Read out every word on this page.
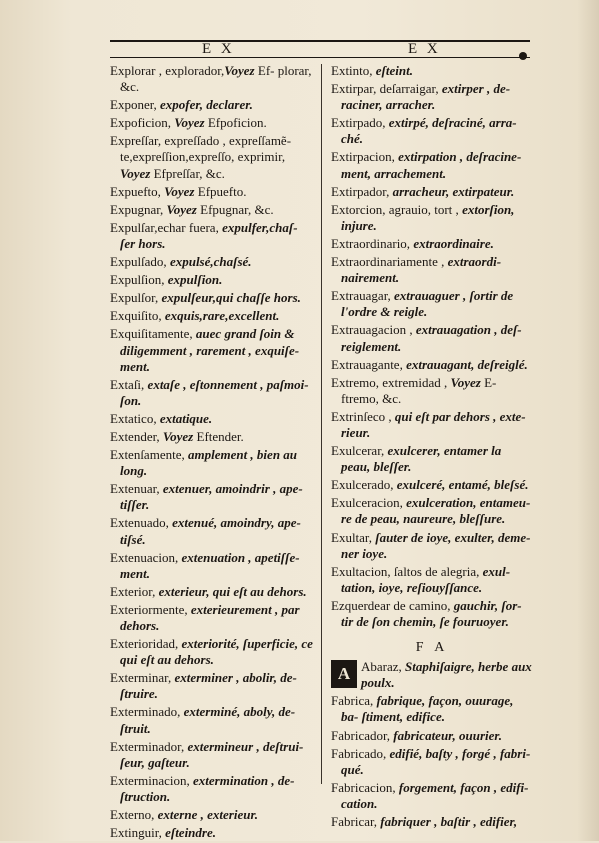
E X	E X
Explorar , explorador,Voyez Ef- plorar, &c.
Exponer, expofer, declarer.
Expoficion, Voyez Efpoficion.
Expreſſar, expreſſado , expreſſamẽ- te,expreſſion,expreſſo, exprimir, Voyez Efpreſſar, &c.
Expuefto, Voyez Efpuefto.
Expugnar, Voyez Efpugnar, &c.
Expulſar,echar fuera, expulfer,chaſ- ſer hors.
Expulſado, expulsé,chaſsé.
Expulſion, expulſion.
Expulſor, expulſeur,qui chaſſe hors.
Exquiſito, exquis,rare,excellent.
Exquiſitamente, auec grand ſoin & diligemment , rarement , exquiſe- ment.
Extaſi, extaſe , eſtonnement , paſmoi- ſon.
Extatico, extatique.
Extender, Voyez Eftender.
Extenſamente, amplement , bien au long.
Extenuar, extenuer, amoindrir , ape- tiſſer.
Extenuado, extenué, amoindry, ape- tiſsé.
Extenuacion, extenuation , apetiſſe- ment.
Exterior, exterieur, qui eſt au dehors.
Exteriormente, exterieurement , par dehors.
Exterioridad, exteriorité, ſuperficie, ce qui eſt au dehors.
Exterminar, exterminer , abolir, de- ſtruire.
Exterminado, exterminé, aboly, de- ſtruit.
Exterminador, extermineur , deſtrui- ſeur, gaſteur.
Exterminacion, extermination , de- ſtruction.
Externo, externe , exterieur.
Extinguir, eſteindre.
Extinto, eſteint.
Extirpar, deſarraigar, extirper , de- raciner, arracher.
Extirpado, extirpé, deſraciné, arra- ché.
Extirpacion, extirpation , deſracine- ment, arrachement.
Extirpador, arracheur, extirpateur.
Extorcion, agrauio, tort , extorſion, injure.
Extraordinario, extraordinaire.
Extraordinariamente , extraordi- nairement.
Extrauagar, extrauaguer , ſortir de l'ordre & reigle.
Extrauagacion , extrauagation , deſ- reiglement.
Extrauagante, extrauagant, deſreiglé.
Extremo, extremidad , Voyez E- ftremo, &c.
Extrinſeco , qui eſt par dehors , exte- rieur.
Exulcerar, exulcerer, entamer la peau, bleſſer.
Exulcerado, exulceré, entamé, bleſsé.
Exulceracion, exulceration, entameu- re de peau, naureure, bleſſure.
Exultar, ſauter de ioye, exulter, deme- ner ioye.
Exultacion, ſaltos de alegria, exul- tation, ioye, reſiouyſſance.
Ezquerdear de camino, gauchir, ſor- tir de ſon chemin, ſe fouruoyer.
F A
A Abaraz, Staphiſaigre, herbe aux poulx.
Fabrica, fabrique, façon, ouurage, ba- ſtiment, edifice.
Fabricador, fabricateur, ouurier.
Fabricado, edifié, baſty , forgé , fabri- qué.
Fabricacion, forgement, façon , edifi- cation.
Fabricar, fabriquer , baſtir , edifier,
